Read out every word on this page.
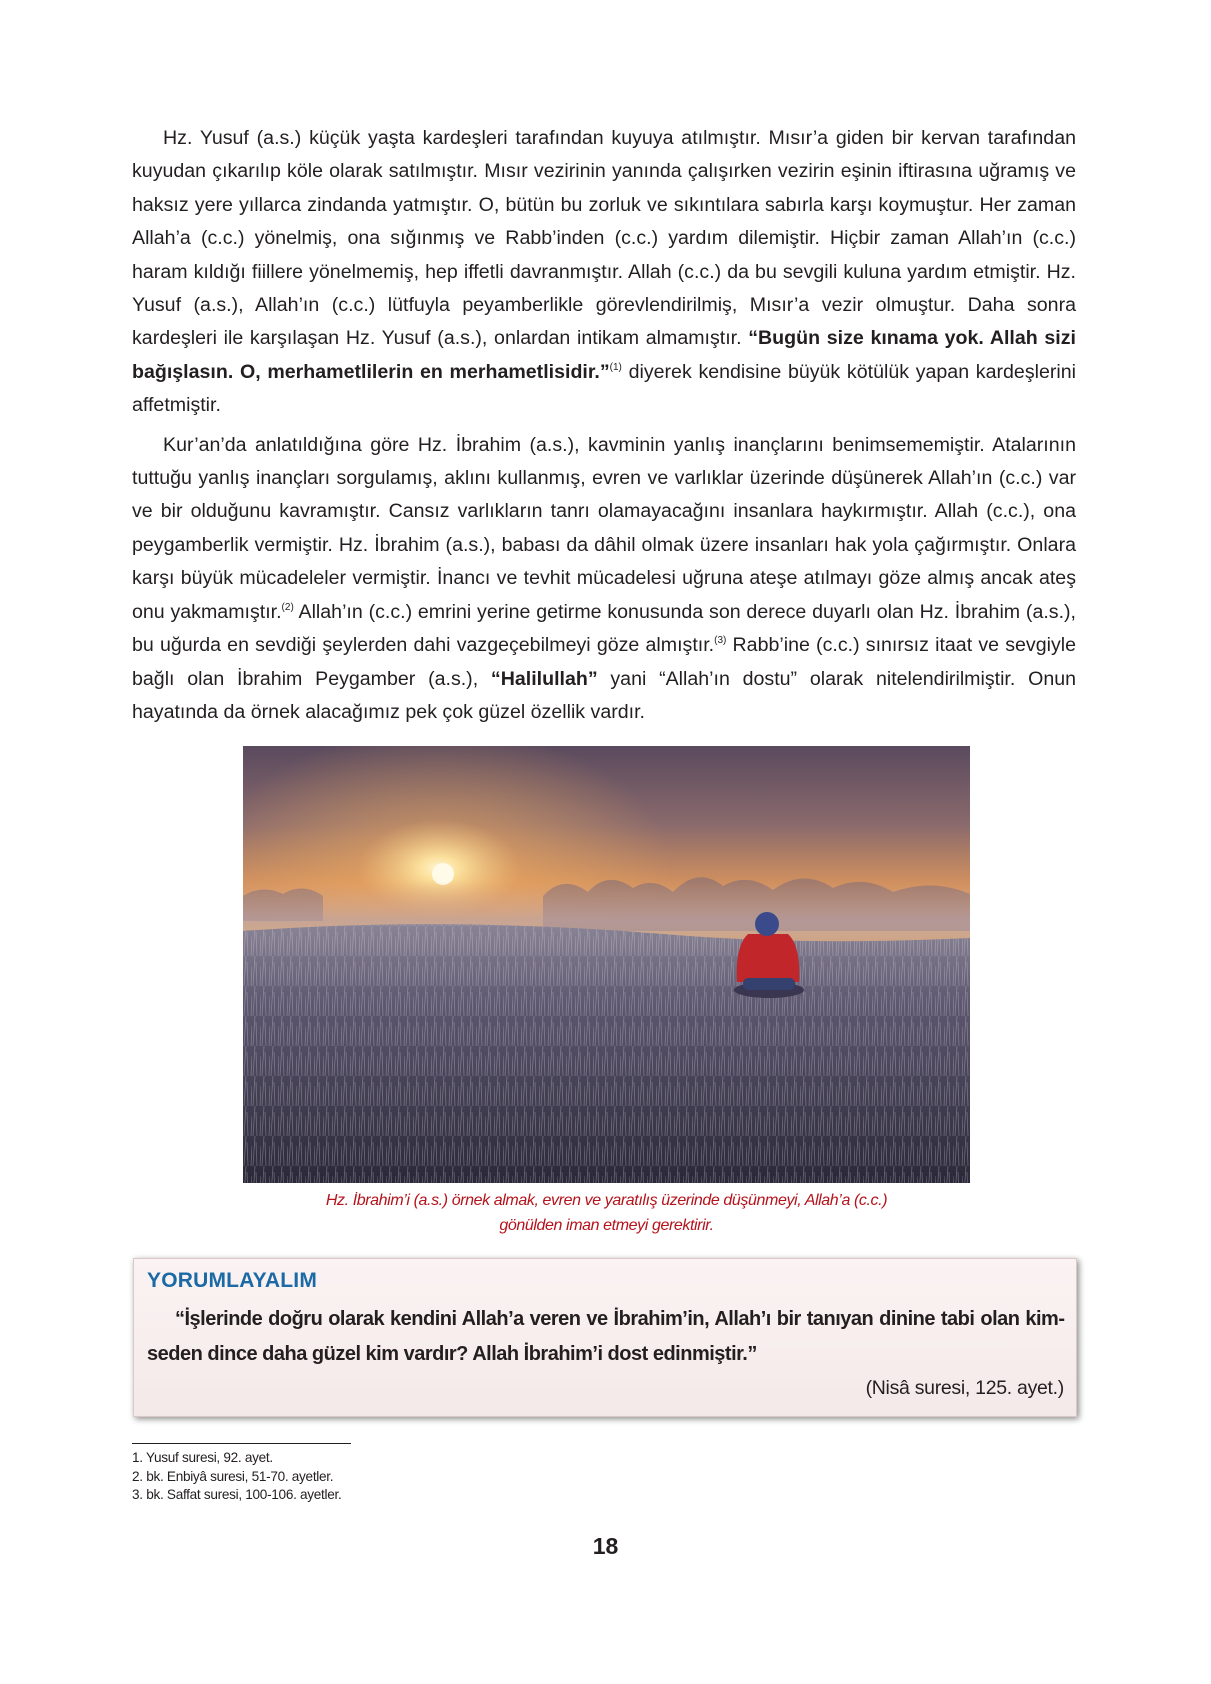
Hz. Yusuf (a.s.) küçük yaşta kardeşleri tarafından kuyuya atılmıştır. Mısır’a giden bir kervan tarafından kuyudan çıkarılıp köle olarak satılmıştır. Mısır vezirinin yanında çalışırken vezirin eşinin iftirasına uğramış ve haksız yere yıllarca zindanda yatmıştır. O, bütün bu zorluk ve sıkıntılara sabırla karşı koymuştur. Her zaman Allah’a (c.c.) yönelmiş, ona sığınmış ve Rabb’inden (c.c.) yardım dilemiştir. Hiçbir zaman Allah’ın (c.c.) haram kıldığı fiillere yönelmemiş, hep iffetli davranmıştır. Allah (c.c.) da bu sevgili kuluna yardım etmiştir. Hz. Yusuf (a.s.), Allah’ın (c.c.) lütfuyla peyamberlikle görevlendirilmiş, Mısır’a vezir olmuştur. Daha sonra kardeşleri ile karşılaşan Hz. Yusuf (a.s.), onlardan intikam almamıştır. “Bugün size kınama yok. Allah sizi bağışlasın. O, merhametlilerin en merhametlisidir.”$^{(1)}$ diyerek kendisine büyük kötülük yapan kardeşlerini affetmiştir.

Kur’an’da anlatıldığına göre Hz. İbrahim (a.s.), kavminin yanlış inançlarını benimsememiştir. Atalarının tuttuğu yanlış inançları sorgulamış, aklını kullanmış, evren ve varlıklar üzerinde düşünerek Allah’ın (c.c.) var ve bir olduğunu kavramıştır. Cansız varlıkların tanrı olamayacağını insanlara haykırmıştır. Allah (c.c.), ona peygamberlik vermiştir. Hz. İbrahim (a.s.), babası da dâhil olmak üzere insanları hak yola çağırmıştır. Onlara karşı büyük mücadeleler vermiştir. İnancı ve tevhit mücadelesi uğruna ateşe atılmayı göze almış ancak ateş onu yakmamıştır.$^{(2)}$ Allah’ın (c.c.) emrini yerine getirme konusunda son derece duyarlı olan Hz. İbrahim (a.s.), bu uğurda en sevdiği şeylerden dahi vazgeçebilmeyi göze almıştır.$^{(3)}$ Rabb’ine (c.c.) sınırsız itaat ve sevgiyle bağlı olan İbrahim Peygamber (a.s.), “Halilullah” yani “Allah’ın dostu” olarak nitelendirilmiştir. Onun hayatında da örnek alacağımız pek çok güzel özellik vardır.

Hz. İbrahim’i (a.s.) örnek almak, evren ve yaratılış üzerinde düşünmeyi, Allah’a (c.c.)
gönülden iman etmeyi gerektirir.
YORUMLAYALIM
“İşlerinde doğru olarak kendini Allah’a veren ve İbrahim’in, Allah’ı bir tanıyan dinine tabi olan kimseden dince daha güzel kim vardır? Allah İbrahim’i dost edinmiştir.”
(Nisâ suresi, 125. ayet.)
1. Yusuf suresi, 92. ayet.
2. bk. Enbiyâ suresi, 51-70. ayetler.
3. bk. Saffat suresi, 100-106. ayetler.
18
